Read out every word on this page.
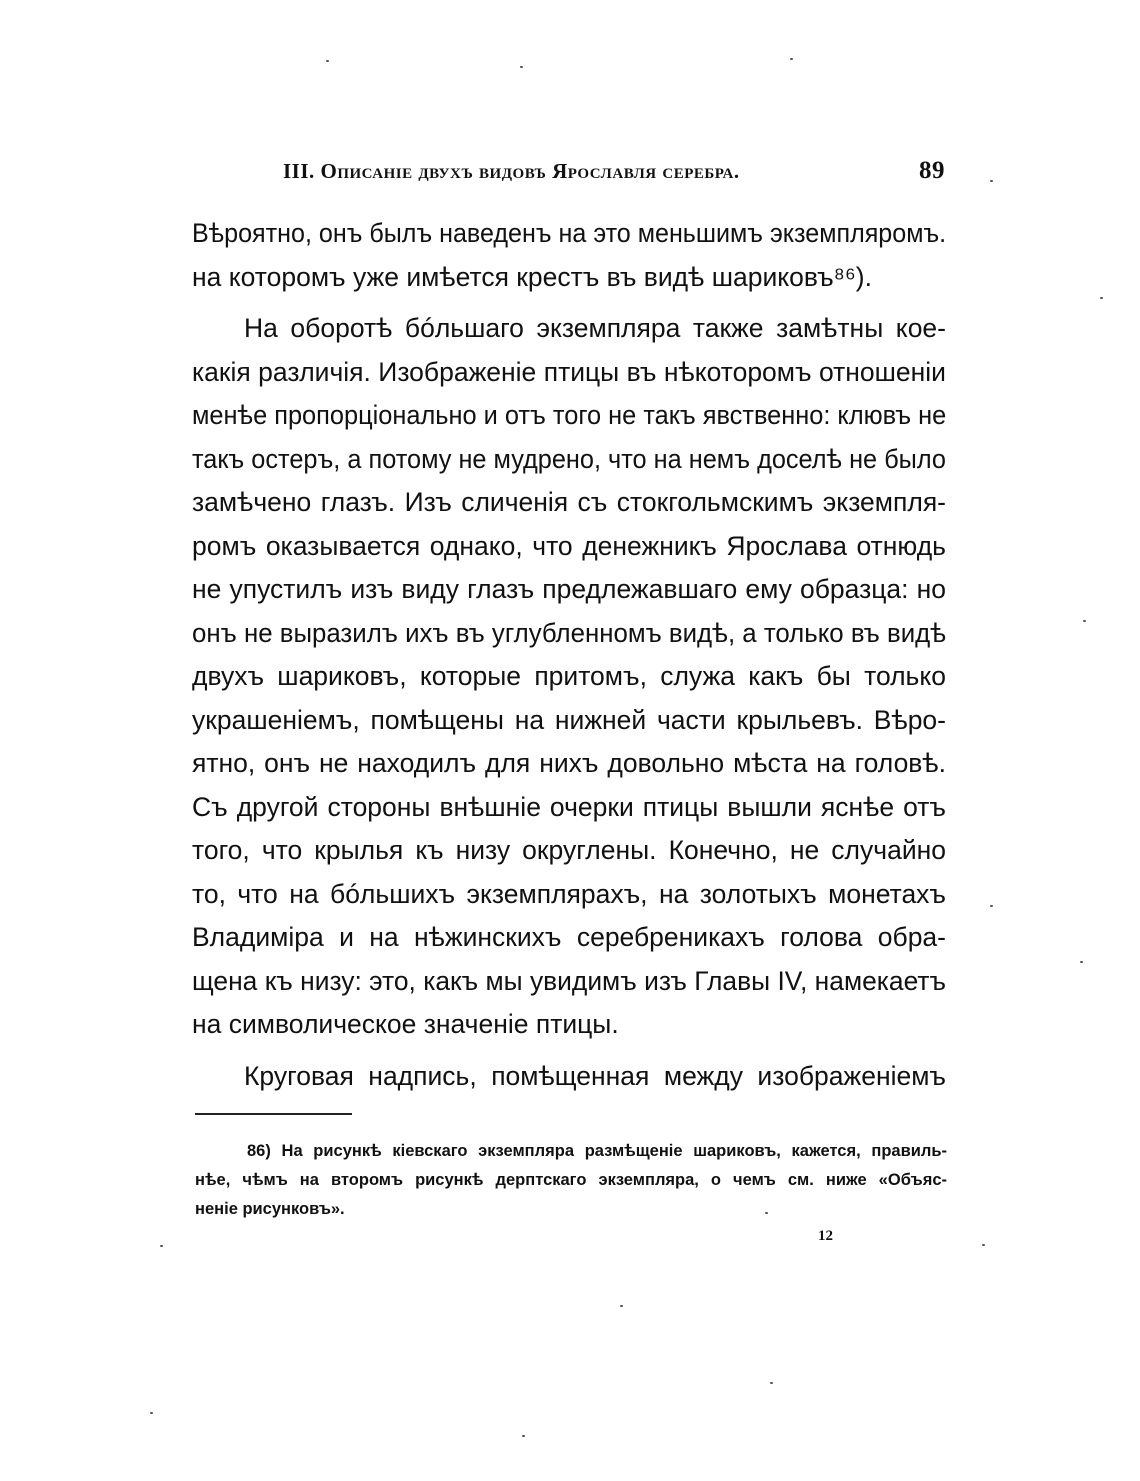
III. Описаніе двухъ видовъ Ярославля серебра.	89
Вѣроятно, онъ былъ наведенъ на это меньшимъ экземпляромъ.
на которомъ уже имѣется крестъ въ видѣ шариковъ⁸⁶).
На оборотѣ бóльшаго экземпляра также замѣтны кое-
какія различія. Изображеніе птицы въ нѣкоторомъ отношеніи
менѣе пропорціонально и отъ того не такъ явственно: клювъ не
такъ остеръ, а потому не мудрено, что на немъ доселѣ не было
замѣчено глазъ. Изъ сличенія съ стокгольмскимъ экземпля-
ромъ оказывается однако, что денежникъ Ярослава отнюдь
не упустилъ изъ виду глазъ предлежавшаго ему образца: но
онъ не выразилъ ихъ въ углубленномъ видѣ, а только въ видѣ
двухъ шариковъ, которые притомъ, служа какъ бы только
украшеніемъ, помѣщены на нижней части крыльевъ. Вѣро-
ятно, онъ не находилъ для нихъ довольно мѣста на головѣ.
Съ другой стороны внѣшніе очерки птицы вышли яснѣе отъ
того, что крылья къ низу округлены. Конечно, не случайно
то, что на бóльшихъ экземплярахъ, на золотыхъ монетахъ
Владиміра и на нѣжинскихъ серебреникахъ голова обра-
щена къ низу: это, какъ мы увидимъ изъ Главы IV, намекаетъ
на символическое значеніе птицы.
Круговая надпись, помѣщенная между изображеніемъ
86) На рисункѣ кіевскаго экземпляра размѣщеніе шариковъ, кажется, правиль-
нѣе, чѣмъ на второмъ рисункѣ дерптскаго экземпляра, о чемъ см. ниже «Объяс-
неніе рисунковъ».
12
